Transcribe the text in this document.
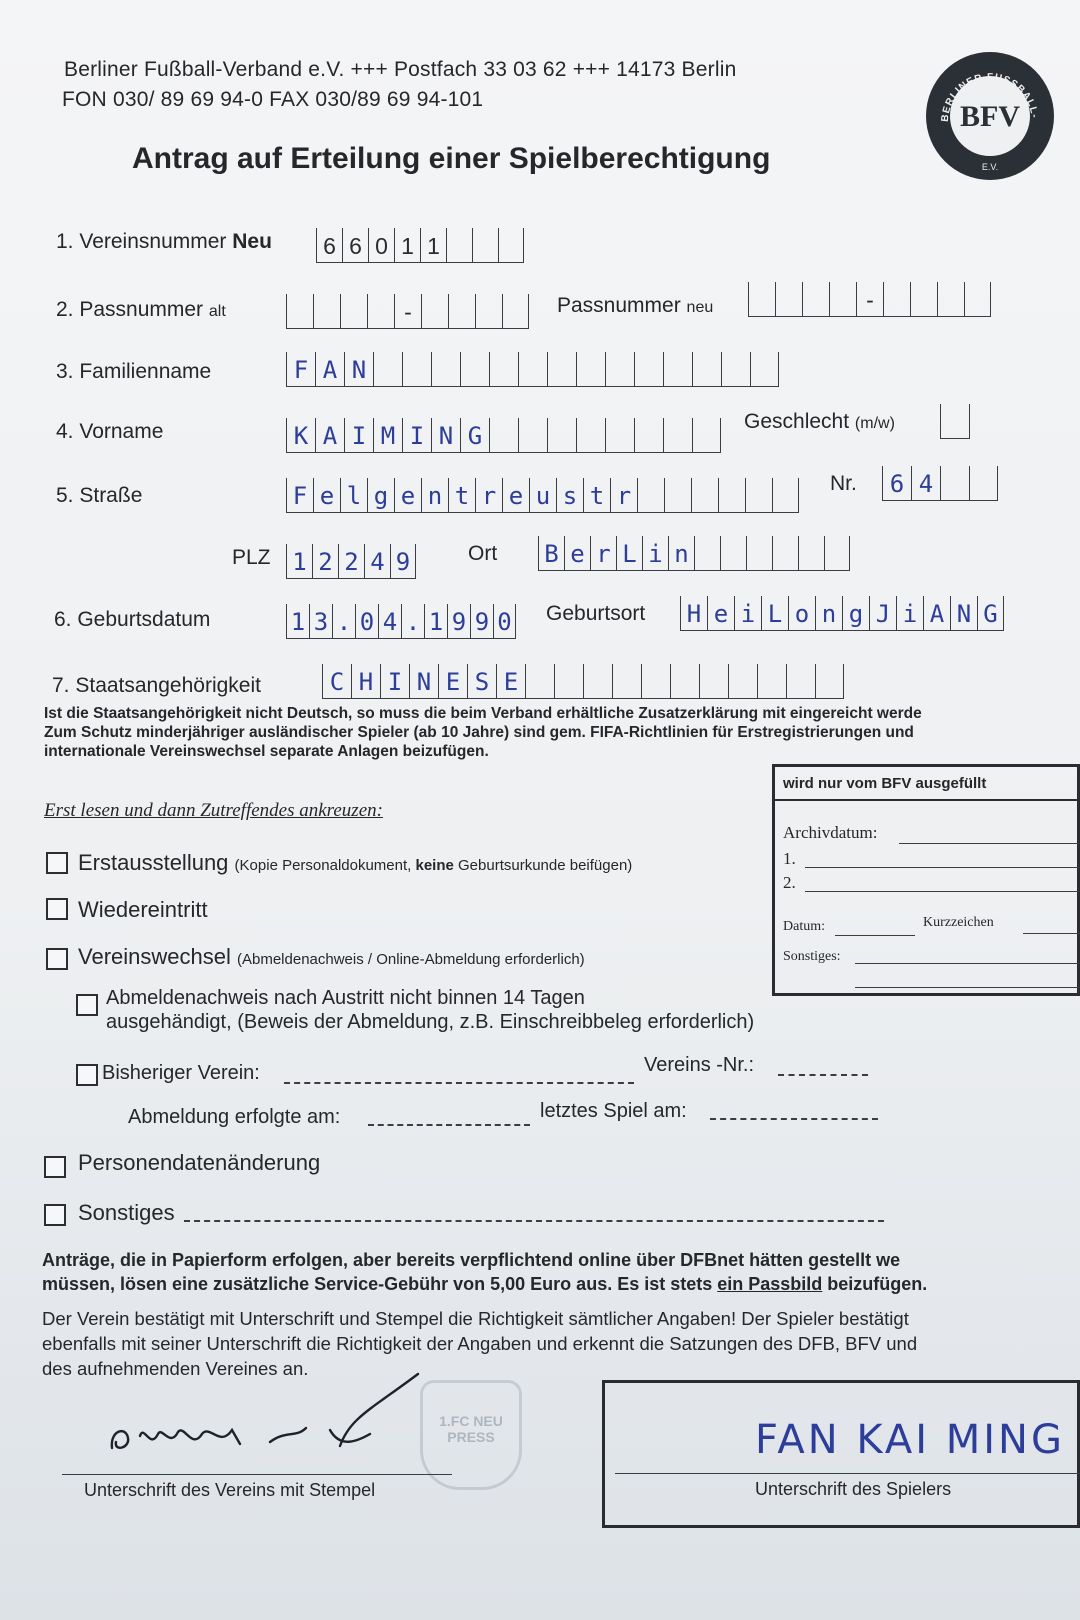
Berliner Fußball-Verband e.V. +++ Postfach 33 03 62 +++ 14173 Berlin
FON 030/ 89 69 94-0 FAX 030/89 69 94-101
Antrag auf Erteilung einer Spielberechtigung
BERLINER FUSSBALL-
BFV
E.V.
1. Vereinsnummer Neu	6 6 0 1 1
2. Passnummer alt	-	Passnummer neu	-
3. Familienname	F A N
4. Vorname	K A I M I N G
Geschlecht (m/w)
5. Straße	F e l g e n t r e u s t r	Nr.	6 4
PLZ 1 2 2 4 9	Ort B e r L i n
6. Geburtsdatum	1 3 . 0 4 . 1 9 9 0 Geburtsort H e i L o n g J i A N G
7. Staatsangehörigkeit	C H I N E S E
Ist die Staatsangehörigkeit nicht Deutsch, so muss die beim Verband erhältliche Zusatzerklärung mit eingereicht werde
Zum Schutz minderjähriger ausländischer Spieler (ab 10 Jahre) sind gem. FIFA-Richtlinien für Erstregistrierungen und
internationale Vereinswechsel separate Anlagen beizufügen.
wird nur vom BFV ausgefüllt
Archivdatum:
1.
2.
Datum:	Kurzzeichen
Sonstiges:
Erst lesen und dann Zutreffendes ankreuzen:
Erstausstellung (Kopie Personaldokument, keine Geburtsurkunde beifügen)
Wiedereintritt
Vereinswechsel (Abmeldenachweis / Online-Abmeldung erforderlich)
Abmeldenachweis nach Austritt nicht binnen 14 Tagen
ausgehändigt, (Beweis der Abmeldung, z.B. Einschreibbeleg erforderlich)
Bisheriger Verein:	Vereins -Nr.:
Abmeldung erfolgte am:	letztes Spiel am:
Personendatenänderung
Sonstiges
Anträge, die in Papierform erfolgen, aber bereits verpflichtend online über DFBnet hätten gestellt we
müssen, lösen eine zusätzliche Service-Gebühr von 5,00 Euro aus. Es ist stets ein Passbild beizufügen.
Der Verein bestätigt mit Unterschrift und Stempel die Richtigkeit sämtlicher Angaben! Der Spieler bestätigt
ebenfalls mit seiner Unterschrift die Richtigkeit der Angaben und erkennt die Satzungen des DFB, BFV und
des aufnehmenden Vereines an.
1.FC NEU PRESS
Unterschrift des Vereins mit Stempel
FAN KAI MING
Unterschrift des Spielers
